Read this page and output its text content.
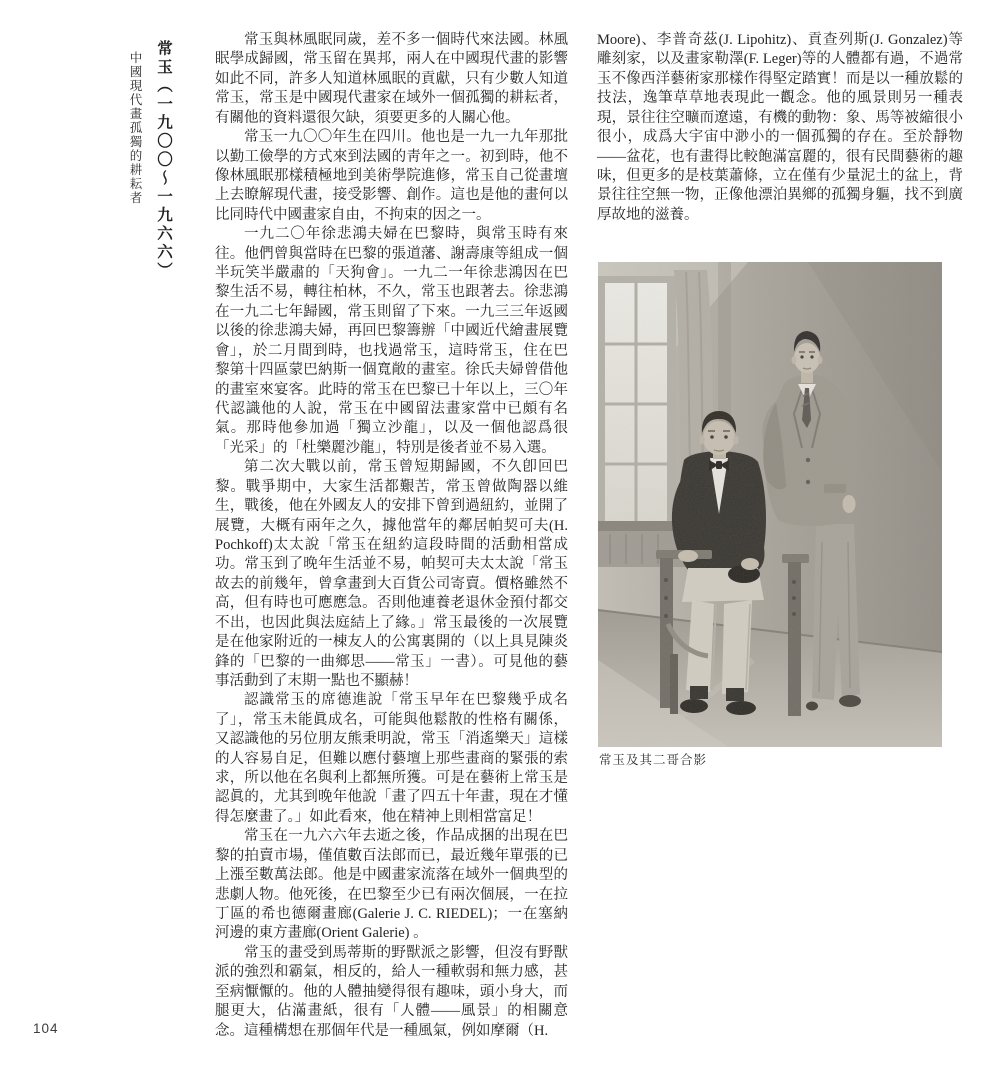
常玉（一九〇〇～一九六六）
中國現代畫孤獨的耕耘者

常玉與林風眠同歲，差不多一個時代來法國。林風眠學成歸國，常玉留在異邦，兩人在中國現代畫的影響如此不同，許多人知道林風眠的貢獻，只有少數人知道常玉，常玉是中國現代畫家在域外一個孤獨的耕耘者，有關他的資料還很欠缺，須要更多的人關心他。

常玉一九〇〇年生在四川。他也是一九一九年那批以勤工儉學的方式來到法國的靑年之一。初到時，他不像林風眠那樣積極地到美術學院進修，常玉自己從畫壇上去瞭解現代畫，接受影響、創作。這也是他的畫何以比同時代中國畫家自由，不拘束的因之一。

一九二〇年徐悲鴻夫婦在巴黎時，與常玉時有來往。他們曾與當時在巴黎的張道藩、謝壽康等組成一個半玩笑半嚴肅的「天狗會」。一九二一年徐悲鴻因在巴黎生活不易，轉往柏林，不久，常玉也跟著去。徐悲鴻在一九二七年歸國，常玉則留了下來。一九三三年返國以後的徐悲鴻夫婦，再回巴黎籌辦「中國近代繪畫展覽會」，於二月間到時，也找過常玉，這時常玉，住在巴黎第十四區蒙巴納斯一個寬敞的畫室。徐氏夫婦曾借他的畫室來宴客。此時的常玉在巴黎已十年以上，三〇年代認識他的人說，常玉在中國留法畫家當中已頗有名氣。那時他參加過「獨立沙龍」，以及一個他認爲很「光采」的「杜樂麗沙龍」，特別是後者並不易入選。

第二次大戰以前，常玉曾短期歸國，不久卽回巴黎。戰爭期中，大家生活都艱苦，常玉曾做陶器以維生，戰後，他在外國友人的安排下曾到過紐約，並開了展覽，大概有兩年之久，據他當年的鄰居帕契可夫(H. Pochkoff)太太說「常玉在紐約這段時間的活動相當成功。常玉到了晚年生活並不易，帕契可夫太太說「常玉故去的前幾年，曾拿畫到大百貨公司寄賣。價格雖然不高，但有時也可應應急。否則他連養老退休金預付都交不出，也因此與法庭結上了緣。」常玉最後的一次展覽是在他家附近的一棟友人的公寓裏開的（以上具見陳炎鋒的「巴黎的一曲鄉思——常玉」一書）。可見他的藝事活動到了末期一點也不顯赫！

認識常玉的席德進說「常玉早年在巴黎幾乎成名了」，常玉未能眞成名，可能與他鬆散的性格有關係，又認識他的另位朋友熊秉明說，常玉「消遙樂天」這樣的人容易自足，但難以應付藝壇上那些畫商的緊張的索求，所以他在名與利上都無所獲。可是在藝術上常玉是認眞的，尤其到晚年他說「畫了四五十年畫，現在才懂得怎麼畫了。」如此看來，他在精神上則相當富足！

常玉在一九六六年去逝之後，作品成捆的出現在巴黎的拍賣市場，僅值數百法郎而已，最近幾年單張的已上漲至數萬法郎。他是中國畫家流落在域外一個典型的悲劇人物。他死後，在巴黎至少已有兩次個展，一在拉丁區的希也德爾畫廊(Galerie J. C. RIEDEL)；一在塞納河邊的東方畫廊(Orient Galerie) 。

常玉的畫受到馬蒂斯的野獸派之影響，但沒有野獸派的強烈和霸氣，相反的，給人一種軟弱和無力感，甚至病懨懨的。他的人體抽變得很有趣味，頭小身大，而腿更大，佔滿畫紙，很有「人體——風景」的相關意念。這種構想在那個年代是一種風氣，例如摩爾（H.

Moore)、李普奇茲(J. Lipohitz)、貢查列斯(J. Gonzalez)等雕刻家，以及畫家勒澤(F. Leger)等的人體都有過，不過常玉不像西洋藝術家那樣作得堅定踏實！而是以一種放鬆的技法，逸筆草草地表現此一觀念。他的風景則另一種表現，景往往空曠而遼遠，有機的動物：象、馬等被縮很小很小，成爲大宇宙中渺小的一個孤獨的存在。至於靜物——盆花，也有畫得比較飽滿富麗的，很有民間藝術的趣味，但更多的是枝葉蕭條，立在僅有少量泥土的盆上，背景往往空無一物，正像他漂泊異鄉的孤獨身軀，找不到廣厚故地的滋養。

常玉及其二哥合影
104
